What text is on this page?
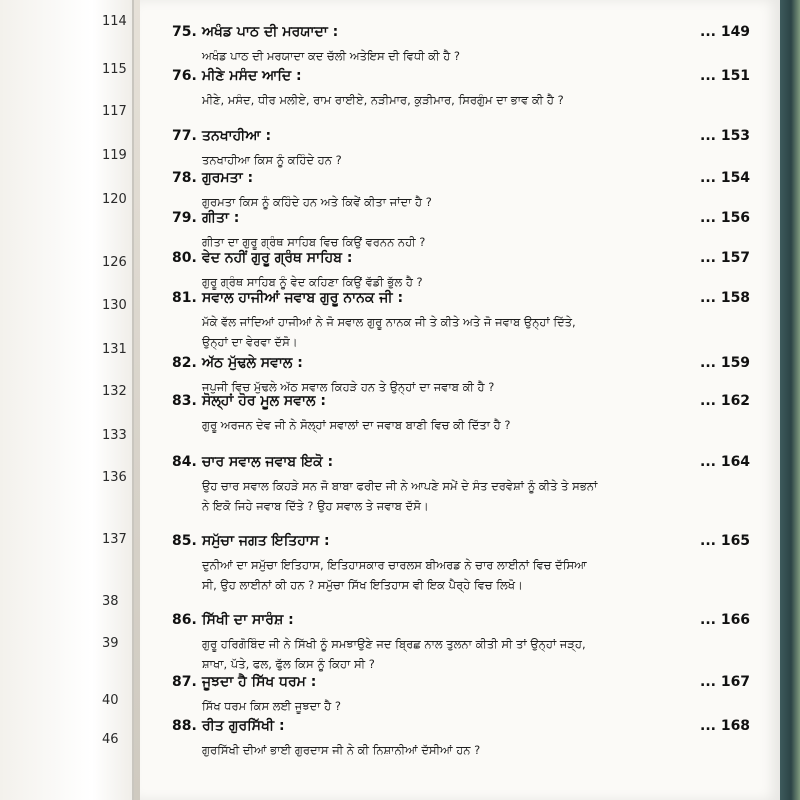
114
115
117
119
120
126
130
131
132
133
136
137
38
39
40
46
75. ਅਖੰਡ ਪਾਠ ਦੀ ਮਰਯਾਦਾ :	... 149
ਅਖੰਡ ਪਾਠ ਦੀ ਮਰਯਾਦਾ ਕਦ ਚੱਲੀ ਅਤੇਇਸ ਦੀ ਵਿਧੀ ਕੀ ਹੈ ?
76. ਮੀਣੇ ਮਸੰਦ ਆਦਿ :	... 151
ਮੀਣੇ, ਮਸੰਦ, ਧੀਰ ਮਲੀਏ, ਰਾਮ ਰਾਈਏ, ਨੜੀਮਾਰ, ਕੁੜੀਮਾਰ, ਸਿਰਗੁੰਮ ਦਾ ਭਾਵ ਕੀ ਹੈ ?
77. ਤਨਖਾਹੀਆ :	... 153
ਤਨਖਾਹੀਆ ਕਿਸ ਨੂੰ ਕਹਿੰਦੇ ਹਨ ?
78. ਗੁਰਮਤਾ :	... 154
ਗੁਰਮਤਾ ਕਿਸ ਨੂੰ ਕਹਿੰਦੇ ਹਨ ਅਤੇ ਕਿਵੇਂ ਕੀਤਾ ਜਾਂਦਾ ਹੈ ?
79. ਗੀਤਾ :	... 156
ਗੀਤਾ ਦਾ ਗੁਰੂ ਗ੍ਰੰਥ ਸਾਹਿਬ ਵਿਚ ਕਿਉਂ ਵਰਨਨ ਨਹੀ ?
80. ਵੇਦ ਨਹੀਂ ਗੁਰੂ ਗ੍ਰੰਥ ਸਾਹਿਬ :	... 157
ਗੁਰੂ ਗ੍ਰੰਥ ਸਾਹਿਬ ਨੂੰ ਵੇਦ ਕਹਿਣਾ ਕਿਉਂ ਵੱਡੀ ਭੁੱਲ ਹੈ ?
81. ਸਵਾਲ ਹਾਜੀਆਂ ਜਵਾਬ ਗੁਰੂ ਨਾਨਕ ਜੀ :	... 158
ਮੱਕੇ ਵੱਲ ਜਾਂਦਿਆਂ ਹਾਜੀਆਂ ਨੇ ਜੋ ਸਵਾਲ ਗੁਰੂ ਨਾਨਕ ਜੀ ਤੇ ਕੀਤੇ ਅਤੇ ਜੋ ਜਵਾਬ ਉਨ੍ਹਾਂ ਦਿੱਤੇ, ਉਨ੍ਹਾਂ ਦਾ ਵੇਰਵਾ ਦੱਸੋ।
82. ਅੱਠ ਮੁੱਢਲੇ ਸਵਾਲ :	... 159
ਜਪੁਜੀ ਵਿਚ ਮੁੱਢਲੇ ਅੱਠ ਸਵਾਲ ਕਿਹੜੇ ਹਨ ਤੇ ਉਨ੍ਹਾਂ ਦਾ ਜਵਾਬ ਕੀ ਹੈ ?
83. ਸੋਲ੍ਹਾਂ ਹੋਰ ਮੂਲ ਸਵਾਲ :	... 162
ਗੁਰੂ ਅਰਜਨ ਦੇਵ ਜੀ ਨੇ ਸੋਲ੍ਹਾਂ ਸਵਾਲਾਂ ਦਾ ਜਵਾਬ ਬਾਣੀ ਵਿਚ ਕੀ ਦਿੱਤਾ ਹੈ ?
84. ਚਾਰ ਸਵਾਲ ਜਵਾਬ ਇਕੋ :	... 164
ਉਹ ਚਾਰ ਸਵਾਲ ਕਿਹੜੇ ਸਨ ਜੋ ਬਾਬਾ ਫਰੀਦ ਜੀ ਨੇ ਆਪਣੇ ਸਮੇਂ ਦੇ ਸੰਤ ਦਰਵੇਸ਼ਾਂ ਨੂੰ ਕੀਤੇ ਤੇ ਸਭਨਾਂ ਨੇ ਇਕੋ ਜਿਹੇ ਜਵਾਬ ਦਿੱਤੇ ? ਉਹ ਸਵਾਲ ਤੇ ਜਵਾਬ ਦੱਸੋ।
85. ਸਮੁੱਚਾ ਜਗਤ ਇਤਿਹਾਸ :	... 165
ਦੁਨੀਆਂ ਦਾ ਸਮੁੱਚਾ ਇਤਿਹਾਸ, ਇਤਿਹਾਸਕਾਰ ਚਾਰਲਸ ਬੀਅਰਡ ਨੇ ਚਾਰ ਲਾਈਨਾਂ ਵਿਚ ਦੱਸਿਆ ਸੀ, ਉਹ ਲਾਈਨਾਂ ਕੀ ਹਨ ? ਸਮੁੱਚਾ ਸਿੱਖ ਇਤਿਹਾਸ ਵੀ ਇਕ ਪੈਰ੍ਹੇ ਵਿਚ ਲਿਖੋ।
86. ਸਿੱਖੀ ਦਾ ਸਾਰੰਸ਼ :	... 166
ਗੁਰੂ ਹਰਿਗੋਬਿੰਦ ਜੀ ਨੇ ਸਿੱਖੀ ਨੂੰ ਸਮਝਾਉਣੇ ਜਦ ਬ੍ਰਿਛ ਨਾਲ ਤੁਲਨਾ ਕੀਤੀ ਸੀ ਤਾਂ ਉਨ੍ਹਾਂ ਜੜ੍ਹ, ਸ਼ਾਖਾ, ਪੱਤੇ, ਫਲ, ਫੁੱਲ ਕਿਸ ਨੂੰ ਕਿਹਾ ਸੀ ?
87. ਜੂਝਦਾ ਹੈ ਸਿੱਖ ਧਰਮ :	... 167
ਸਿੱਖ ਧਰਮ ਕਿਸ ਲਈ ਜੂਝਦਾ ਹੈ ?
88. ਰੀਤ ਗੁਰਸਿੱਖੀ :	... 168
ਗੁਰਸਿੱਖੀ ਦੀਆਂ ਭਾਈ ਗੁਰਦਾਸ ਜੀ ਨੇ ਕੀ ਨਿਸ਼ਾਨੀਆਂ ਦੱਸੀਆਂ ਹਨ ?
